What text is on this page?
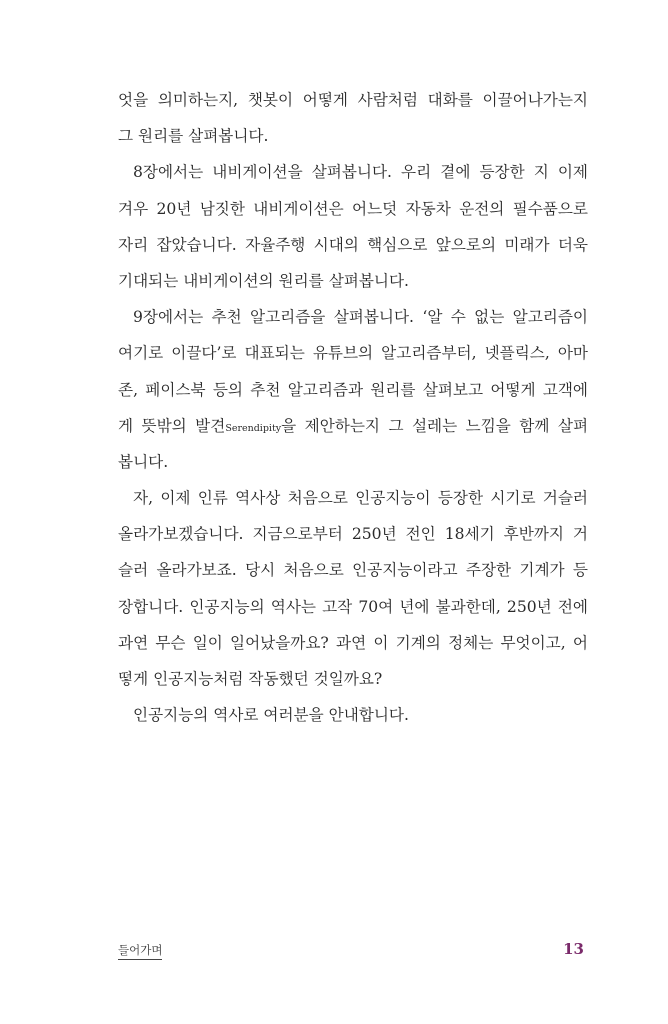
엇을 의미하는지, 챗봇이 어떻게 사람처럼 대화를 이끌어나가는지
그 원리를 살펴봅니다.
8장에서는 내비게이션을 살펴봅니다. 우리 곁에 등장한 지 이제
겨우 20년 남짓한 내비게이션은 어느덧 자동차 운전의 필수품으로
자리 잡았습니다. 자율주행 시대의 핵심으로 앞으로의 미래가 더욱
기대되는 내비게이션의 원리를 살펴봅니다.
9장에서는 추천 알고리즘을 살펴봅니다. ‘알 수 없는 알고리즘이
여기로 이끌다’로 대표되는 유튜브의 알고리즘부터, 넷플릭스, 아마
존, 페이스북 등의 추천 알고리즘과 원리를 살펴보고 어떻게 고객에
게 뜻밖의 발견Serendipity을 제안하는지 그 설레는 느낌을 함께 살펴
봅니다.
자, 이제 인류 역사상 처음으로 인공지능이 등장한 시기로 거슬러
올라가보겠습니다. 지금으로부터 250년 전인 18세기 후반까지 거
슬러 올라가보죠. 당시 처음으로 인공지능이라고 주장한 기계가 등
장합니다. 인공지능의 역사는 고작 70여 년에 불과한데, 250년 전에
과연 무슨 일이 일어났을까요? 과연 이 기계의 정체는 무엇이고, 어
떻게 인공지능처럼 작동했던 것일까요?
인공지능의 역사로 여러분을 안내합니다.
들어가며	13
